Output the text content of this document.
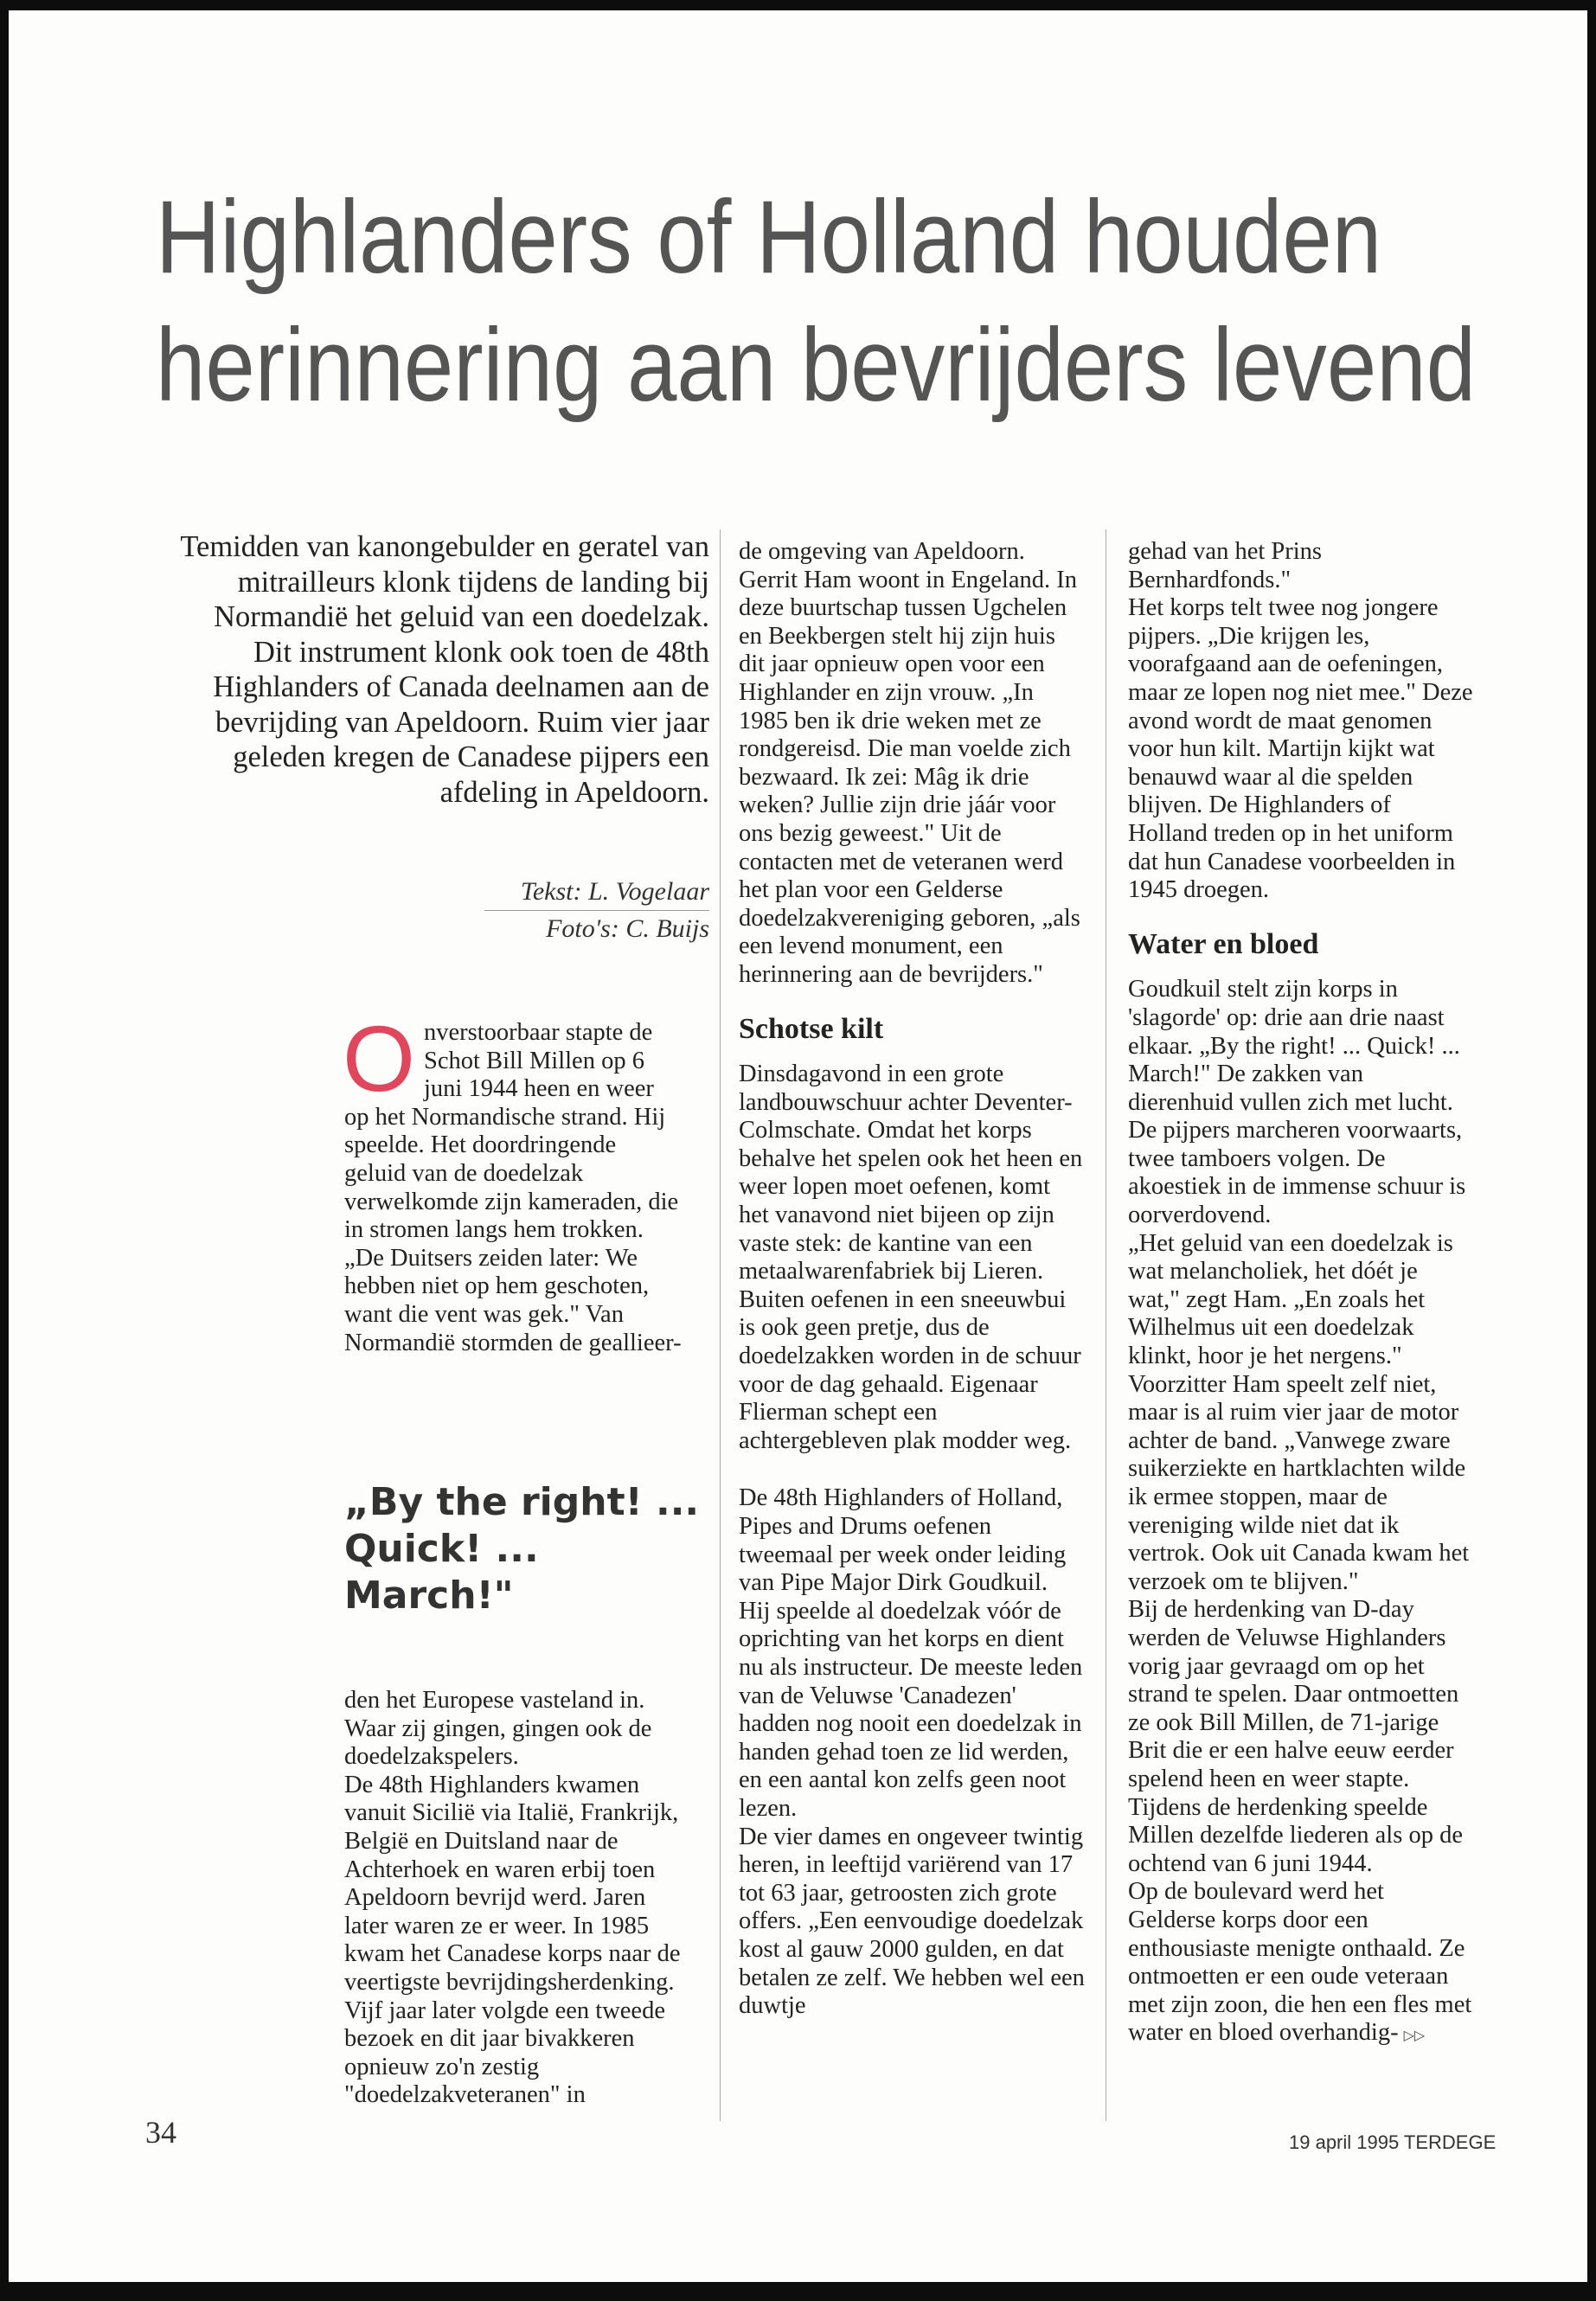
Highlanders of Holland houden
herinnering aan bevrijders levend

Temidden van kanongebulder en geratel van mitrailleurs klonk tijdens de landing bij Normandië het geluid van een doedelzak. Dit instrument klonk ook toen de 48th Highlanders of Canada deelnamen aan de bevrijding van Apeldoorn. Ruim vier jaar geleden kregen de Canadese pijpers een afdeling in Apeldoorn.

Tekst: L. Vogelaar
Foto's: C. Buijs
O nverstoorbaar stapte de Schot Bill Millen op 6 juni 1944 heen en weer op het Normandische strand. Hij speelde. Het doordringende geluid van de doedelzak verwelkomde zijn kameraden, die in stromen langs hem trokken. „De Duitsers zeiden later: We hebben niet op hem geschoten, want die vent was gek." Van Normandië stormden de geallieer-

„By the right! ...
Quick! ...
March!"

den het Europese vasteland in. Waar zij gingen, gingen ook de doedelzakspelers.

De 48th Highlanders kwamen vanuit Sicilië via Italië, Frankrijk, België en Duitsland naar de Achterhoek en waren erbij toen Apeldoorn bevrijd werd. Jaren later waren ze er weer. In 1985 kwam het Canadese korps naar de veertigste bevrijdingsherdenking. Vijf jaar later volgde een tweede bezoek en dit jaar bivakkeren opnieuw zo'n zestig "doedelzakveteranen" in

de omgeving van Apeldoorn. Gerrit Ham woont in Engeland. In deze buurtschap tussen Ugchelen en Beekbergen stelt hij zijn huis dit jaar opnieuw open voor een Highlander en zijn vrouw. „In 1985 ben ik drie weken met ze rondgereisd. Die man voelde zich bezwaard. Ik zei: Mâg ik drie weken? Jullie zijn drie jáár voor ons bezig geweest." Uit de contacten met de veteranen werd het plan voor een Gelderse doedelzakvereniging geboren, „als een levend monument, een herinnering aan de bevrijders."

Schotse kilt

Dinsdagavond in een grote landbouwschuur achter Deventer-Colmschate. Omdat het korps behalve het spelen ook het heen en weer lopen moet oefenen, komt het vanavond niet bijeen op zijn vaste stek: de kantine van een metaalwarenfabriek bij Lieren. Buiten oefenen in een sneeuwbui is ook geen pretje, dus de doedelzakken worden in de schuur voor de dag gehaald. Eigenaar Flierman schept een achtergebleven plak modder weg.

De 48th Highlanders of Holland, Pipes and Drums oefenen tweemaal per week onder leiding van Pipe Major Dirk Goudkuil. Hij speelde al doedelzak vóór de oprichting van het korps en dient nu als instructeur. De meeste leden van de Veluwse 'Canadezen' hadden nog nooit een doedelzak in handen gehad toen ze lid werden, en een aantal kon zelfs geen noot lezen.

De vier dames en ongeveer twintig heren, in leeftijd variërend van 17 tot 63 jaar, getroosten zich grote offers. „Een eenvoudige doedelzak kost al gauw 2000 gulden, en dat betalen ze zelf. We hebben wel een duwtje

gehad van het Prins Bernhardfonds."

Het korps telt twee nog jongere pijpers. „Die krijgen les, voorafgaand aan de oefeningen, maar ze lopen nog niet mee." Deze avond wordt de maat genomen voor hun kilt. Martijn kijkt wat benauwd waar al die spelden blijven. De Highlanders of Holland treden op in het uniform dat hun Canadese voorbeelden in 1945 droegen.

Water en bloed

Goudkuil stelt zijn korps in 'slagorde' op: drie aan drie naast elkaar. „By the right! ... Quick! ... March!" De zakken van dierenhuid vullen zich met lucht. De pijpers marcheren voorwaarts, twee tamboers volgen. De akoestiek in de immense schuur is oorverdovend.

„Het geluid van een doedelzak is wat melancholiek, het dóét je wat," zegt Ham. „En zoals het Wilhelmus uit een doedelzak klinkt, hoor je het nergens." Voorzitter Ham speelt zelf niet, maar is al ruim vier jaar de motor achter de band. „Vanwege zware suikerziekte en hartklachten wilde ik ermee stoppen, maar de vereniging wilde niet dat ik vertrok. Ook uit Canada kwam het verzoek om te blijven."

Bij de herdenking van D-day werden de Veluwse Highlanders vorig jaar gevraagd om op het strand te spelen. Daar ontmoetten ze ook Bill Millen, de 71-jarige Brit die er een halve eeuw eerder spelend heen en weer stapte. Tijdens de herdenking speelde Millen dezelfde liederen als op de ochtend van 6 juni 1944.

Op de boulevard werd het Gelderse korps door een enthousiaste menigte onthaald. Ze ontmoetten er een oude veteraan met zijn zoon, die hen een fles met water en bloed overhandig- ▷▷

34	19 april 1995 TERDEGE
